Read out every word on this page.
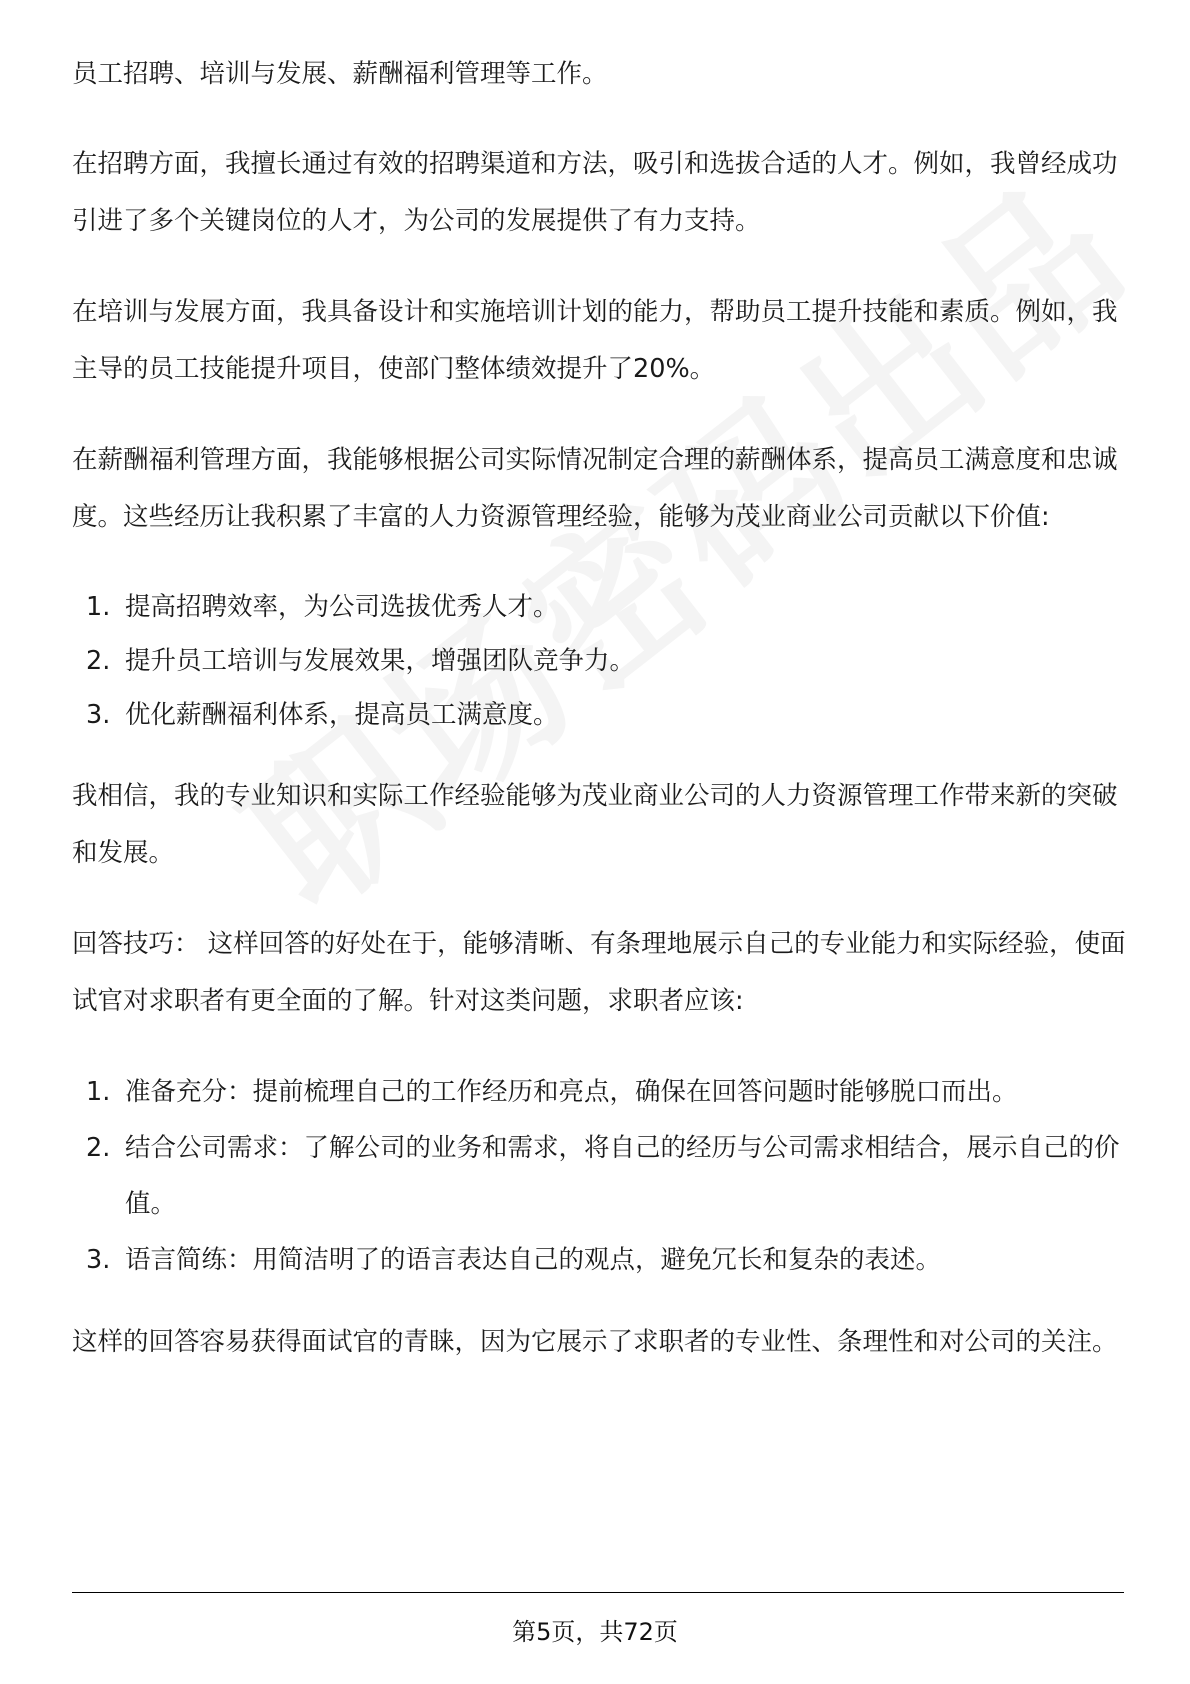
员工招聘、培训与发展、薪酬福利管理等工作。

在招聘方面，我擅长通过有效的招聘渠道和方法，吸引和选拔合适的人才。例如，我曾经成功引进了多个关键岗位的人才，为公司的发展提供了有力支持。

在培训与发展方面，我具备设计和实施培训计划的能力，帮助员工提升技能和素质。例如，我主导的员工技能提升项目，使部门整体绩效提升了20%。

在薪酬福利管理方面，我能够根据公司实际情况制定合理的薪酬体系，提高员工满意度和忠诚度。这些经历让我积累了丰富的人力资源管理经验，能够为茂业商业公司贡献以下价值:

1. 提高招聘效率，为公司选拔优秀人才。
2. 提升员工培训与发展效果，增强团队竞争力。
3. 优化薪酬福利体系，提高员工满意度。

我相信，我的专业知识和实际工作经验能够为茂业商业公司的人力资源管理工作带来新的突破和发展。

回答技巧： 这样回答的好处在于，能够清晰、有条理地展示自己的专业能力和实际经验，使面试官对求职者有更全面的了解。针对这类问题，求职者应该:

1. 准备充分：提前梳理自己的工作经历和亮点，确保在回答问题时能够脱口而出。
2. 结合公司需求：了解公司的业务和需求，将自己的经历与公司需求相结合，展示自己的价值。
3. 语言简练：用简洁明了的语言表达自己的观点，避免冗长和复杂的表述。

这样的回答容易获得面试官的青睐，因为它展示了求职者的专业性、条理性和对公司的关注。

第5页，共72页
